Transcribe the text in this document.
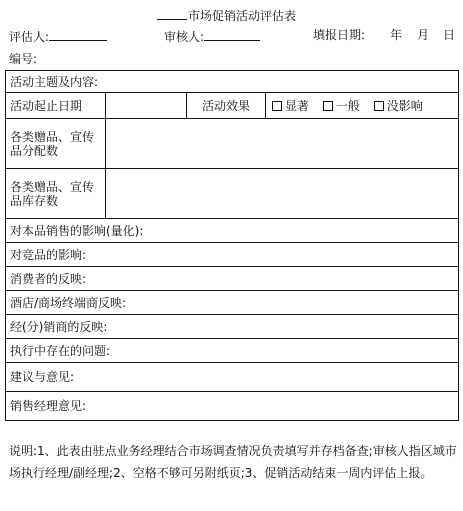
市场促销活动评估表
评估人:	审核人:	填报日期: 年 月 日
编号:
活动主题及内容:		
活动起止日期		活动效果 显著 一般 没影响

各类赠品、宣传
品分配数		

各类赠品、宣传
品库存数		

对本品销售的影响(量化):		
对竞品的影响:		
消费者的反映:		
酒店/商场终端商反映:		
经(分)销商的反映:		
执行中存在的问题:		
建议与意见:		
销售经理意见:		
说明:1、此表由驻点业务经理结合市场调查情况负责填写并存档备查;审核人指区域市场执行经理/副经理;2、空格不够可另附纸页;3、促销活动结束一周内评估上报。
